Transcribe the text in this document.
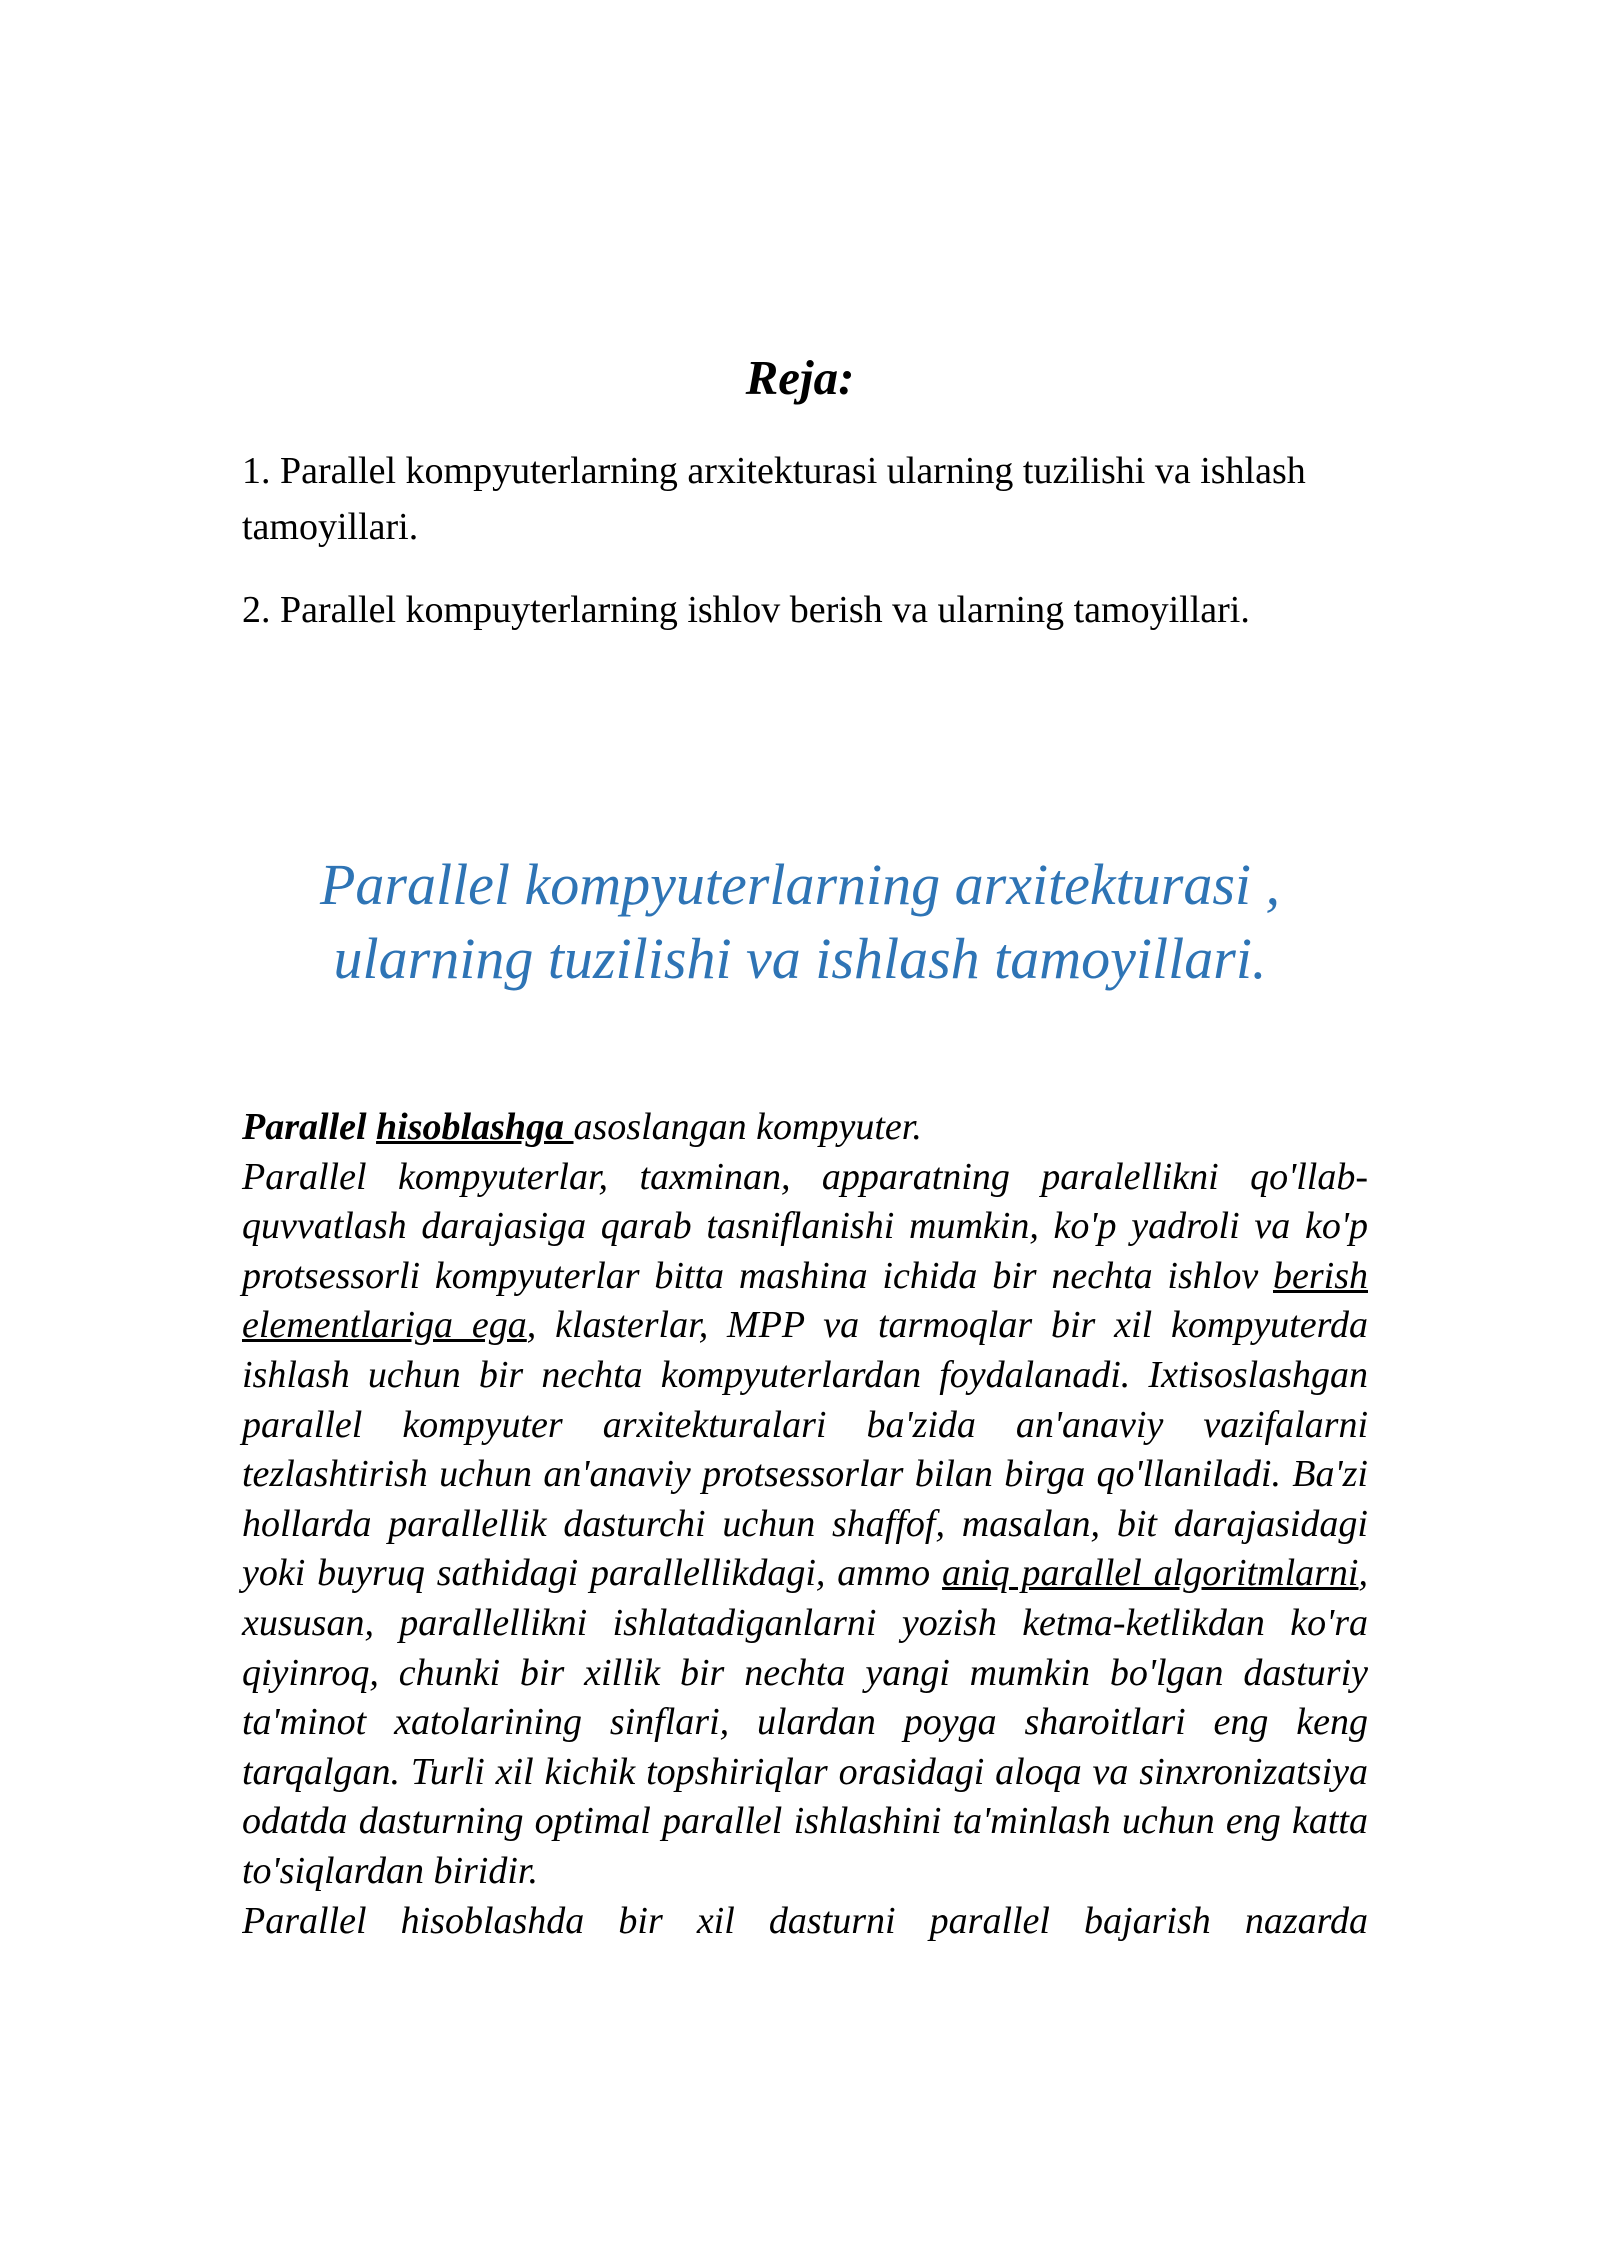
Reja:

1. Parallel kompyuterlarning arxitekturasi ularning tuzilishi va ishlash tamoyillari.

2. Parallel kompuyterlarning ishlov berish va ularning tamoyillari.

Parallel kompyuterlarning arxitekturasi ,
ularning tuzilishi va ishlash tamoyillari.
Parallel hisoblashga asoslangan kompyuter.
Parallel kompyuterlar, taxminan, apparatning paralellikni qo'llab-quvvatlash darajasiga qarab tasniflanishi mumkin, ko'p yadroli va ko'p protsessorli kompyuterlar bitta mashina ichida bir nechta ishlov berish elementlariga ega, klasterlar, MPP va tarmoqlar bir xil kompyuterda ishlash uchun bir nechta kompyuterlardan foydalanadi. Ixtisoslashgan parallel kompyuter arxitekturalari ba'zida an'anaviy vazifalarni tezlashtirish uchun an'anaviy protsessorlar bilan birga qo'llaniladi. Ba'zi hollarda parallellik dasturchi uchun shaffof, masalan, bit darajasidagi yoki buyruq sathidagi parallellikdagi, ammo aniq parallel algoritmlarni, xususan, parallellikni ishlatadiganlarni yozish ketma-ketlikdan ko'ra qiyinroq, chunki bir xillik bir nechta yangi mumkin bo'lgan dasturiy ta'minot xatolarining sinflari, ulardan poyga sharoitlari eng keng tarqalgan. Turli xil kichik topshiriqlar orasidagi aloqa va sinxronizatsiya odatda dasturning optimal parallel ishlashini ta'minlash uchun eng katta to'siqlardan biridir.
Parallel hisoblashda bir xil dasturni parallel bajarish nazarda
